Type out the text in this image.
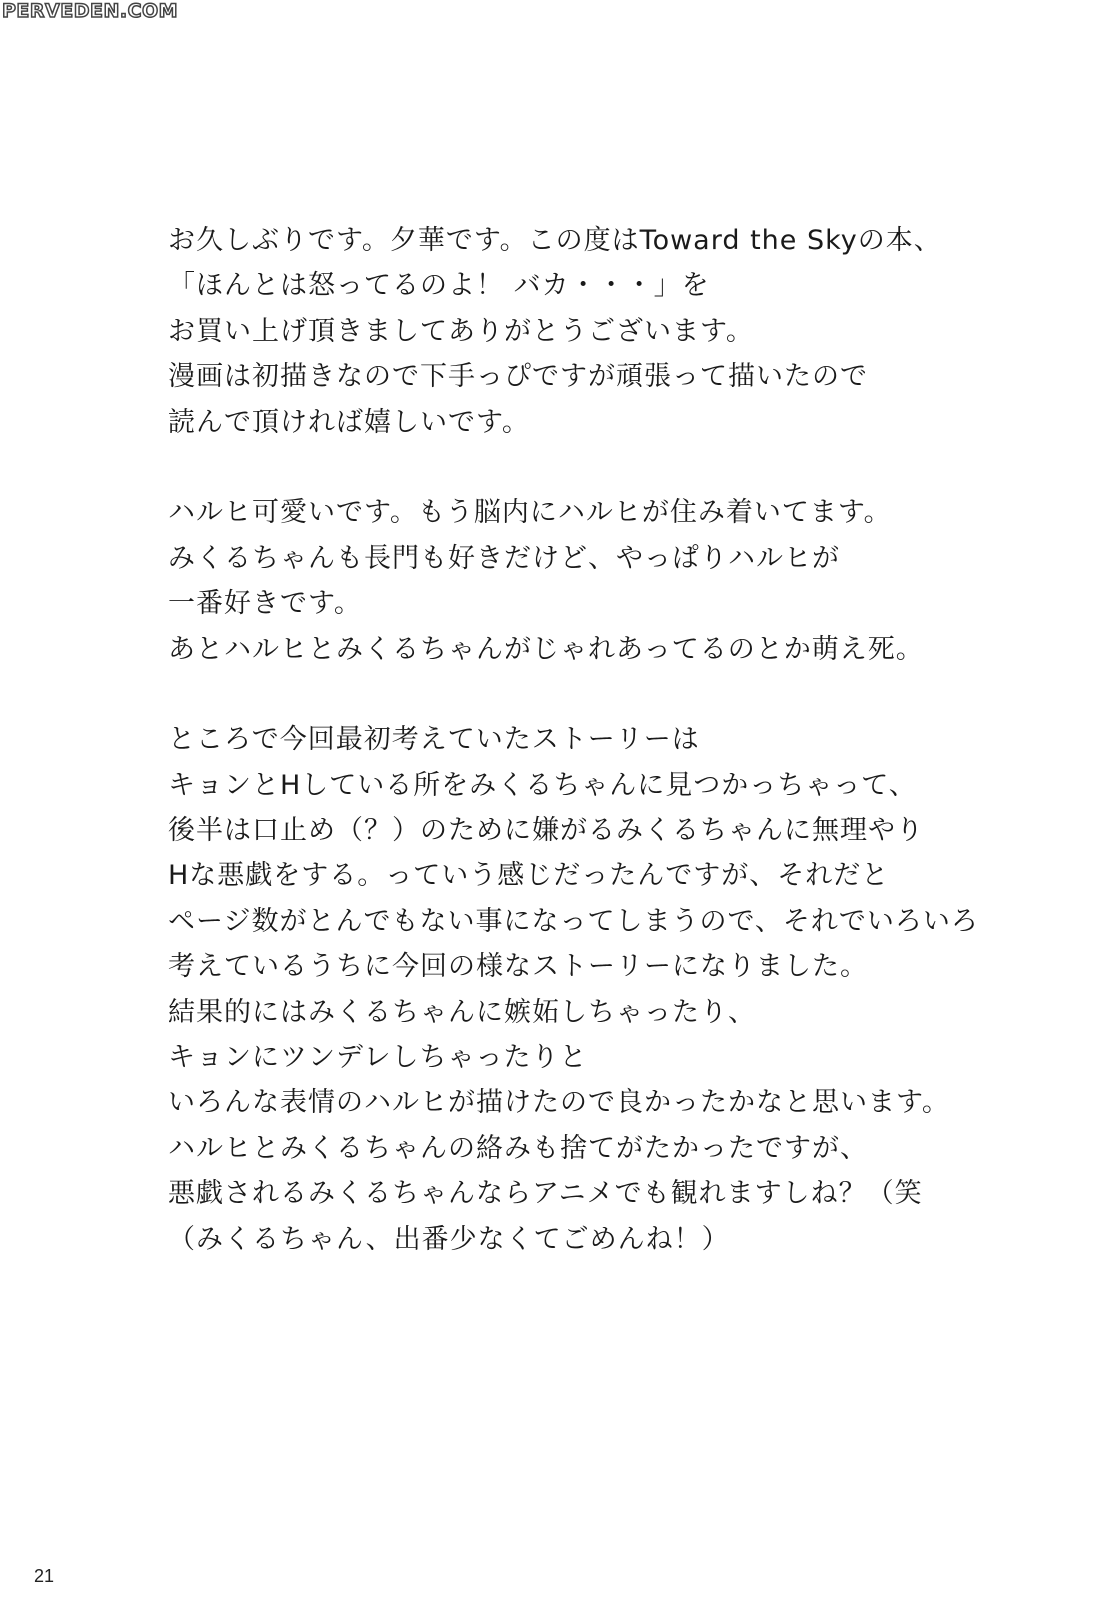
PERVEDEN.COM
お久しぶりです。夕華です。この度はToward the Skyの本、
「ほんとは怒ってるのよ！ バカ・・・」を
お買い上げ頂きましてありがとうございます。
漫画は初描きなので下手っぴですが頑張って描いたので
読んで頂ければ嬉しいです。
ハルヒ可愛いです。もう脳内にハルヒが住み着いてます。
みくるちゃんも長門も好きだけど、やっぱりハルヒが
一番好きです。
あとハルヒとみくるちゃんがじゃれあってるのとか萌え死。
ところで今回最初考えていたストーリーは
キョンとHしている所をみくるちゃんに見つかっちゃって、
後半は口止め（？）のために嫌がるみくるちゃんに無理やり
Hな悪戯をする。っていう感じだったんですが、それだと
ページ数がとんでもない事になってしまうので、それでいろいろ
考えているうちに今回の様なストーリーになりました。
結果的にはみくるちゃんに嫉妬しちゃったり、
キョンにツンデレしちゃったりと
いろんな表情のハルヒが描けたので良かったかなと思います。
ハルヒとみくるちゃんの絡みも捨てがたかったですが、
悪戯されるみくるちゃんならアニメでも観れますしね？（笑
（みくるちゃん、出番少なくてごめんね！）
21
